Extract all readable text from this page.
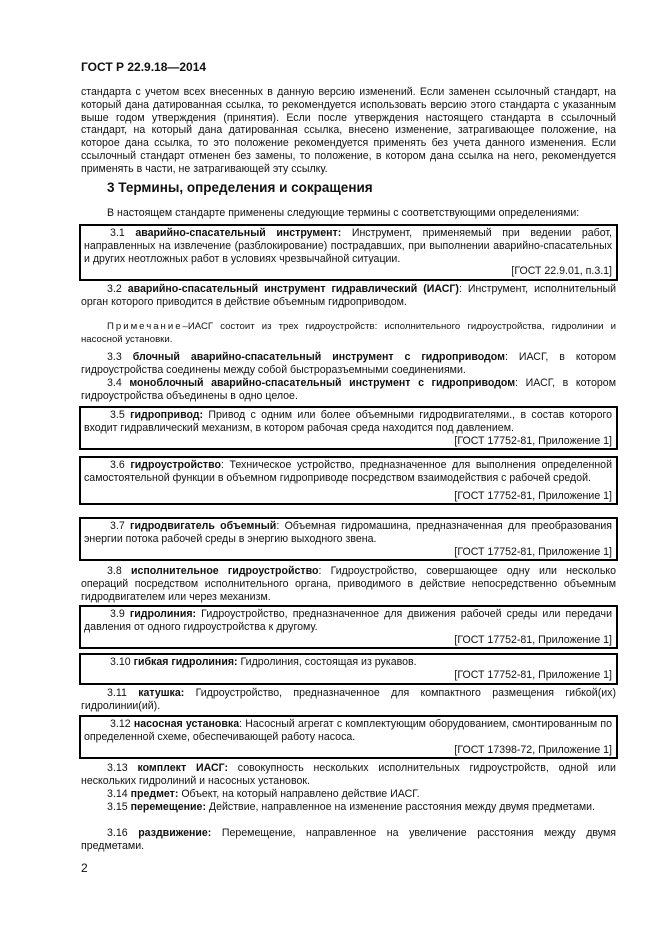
ГОСТ Р 22.9.18—2014

стандарта с учетом всех внесенных в данную версию изменений. Если заменен ссылочный стандарт, на который дана датированная ссылка, то рекомендуется использовать версию этого стандарта с указанным выше годом утверждения (принятия). Если после утверждения настоящего стандарта в ссылочный стандарт, на который дана датированная ссылка, внесено изменение, затрагивающее положение, на которое дана ссылка, то это положение рекомендуется применять без учета данного изменения. Если ссылочный стандарт отменен без замены, то положение, в котором дана ссылка на него, рекомендуется применять в части, не затрагивающей эту ссылку.

3 Термины, определения и сокращения

В настоящем стандарте применены следующие термины с соответствующими определениями:

3.1 аварийно-спасательный инструмент: Инструмент, применяемый при ведении работ, направленных на извлечение (разблокирование) пострадавших, при выполнении аварийно-спасательных и других неотложных работ в условиях чрезвычайной ситуации.

[ГОСТ 22.9.01, п.3.1]

3.2 аварийно-спасательный инструмент гидравлический (ИАСГ): Инструмент, исполнительный орган которого приводится в действие объемным гидроприводом.

Примечание–ИАСГ состоит из трех гидроустройств: исполнительного гидроустройства, гидролинии и насосной установки.

3.3 блочный аварийно-спасательный инструмент с гидроприводом: ИАСГ, в котором гидроустройства соединены между собой быстроразъемными соединениями.

3.4 моноблочный аварийно-спасательный инструмент с гидроприводом: ИАСГ, в котором гидроустройства объединены в одно целое.

3.5 гидропривод: Привод с одним или более объемными гидродвигателями., в состав которого входит гидравлический механизм, в котором рабочая среда находится под давлением.

[ГОСТ 17752-81, Приложение 1]

3.6 гидроустройство: Техническое устройство, предназначенное для выполнения определенной самостоятельной функции в объемном гидроприводе посредством взаимодействия с рабочей средой.

[ГОСТ 17752-81, Приложение 1]

3.7 гидродвигатель объемный: Объемная гидромашина, предназначенная для преобразования энергии потока рабочей среды в энергию выходного звена.

[ГОСТ 17752-81, Приложение 1]

3.8 исполнительное гидроустройство: Гидроустройство, совершающее одну или несколько операций посредством исполнительного органа, приводимого в действие непосредственно объемным гидродвигателем или через механизм.

3.9 гидролиния: Гидроустройство, предназначенное для движения рабочей среды или передачи давления от одного гидроустройства к другому.

[ГОСТ 17752-81, Приложение 1]

3.10 гибкая гидролиния: Гидролиния, состоящая из рукавов.

[ГОСТ 17752-81, Приложение 1]

3.11 катушка: Гидроустройство, предназначенное для компактного размещения гибкой(их) гидролинии(ий).

3.12 насосная установка: Насосный агрегат с комплектующим оборудованием, смонтированным по определенной схеме, обеспечивающей работу насоса.

[ГОСТ 17398-72, Приложение 1]

3.13 комплект ИАСГ: совокупность нескольких исполнительных гидроустройств, одной или нескольких гидролиний и насосных установок.

3.14 предмет: Объект, на который направлено действие ИАСГ.

3.15 перемещение: Действие, направленное на изменение расстояния между двумя предметами.

3.16 раздвижение: Перемещение, направленное на увеличение расстояния между двумя предметами.

2
